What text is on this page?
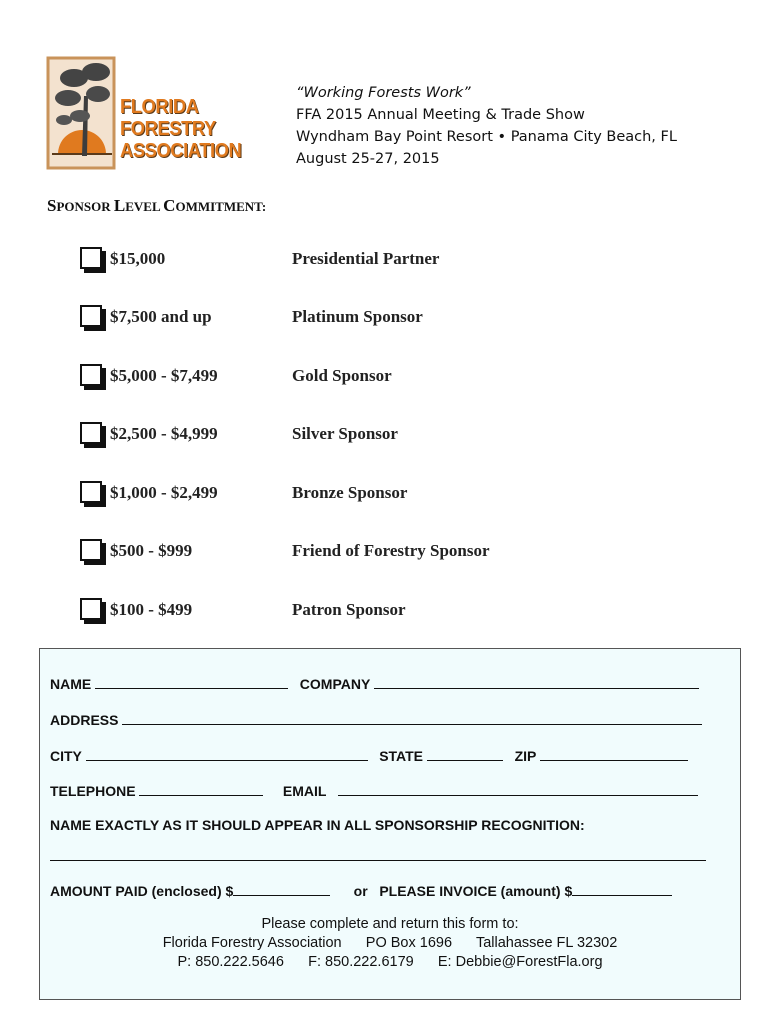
FLORIDA
FORESTRY
ASSOCIATION
“Working Forests Work”
FFA 2015 Annual Meeting & Trade Show
Wyndham Bay Point Resort • Panama City Beach, FL
August 25-27, 2015
SPONSOR LEVEL COMMITMENT:
$15,000	Presidential Partner
$7,500 and up	Platinum Sponsor
$5,000 - $7,499	Gold Sponsor
$2,500 - $4,999	Silver Sponsor
$1,000 - $2,499	Bronze Sponsor
$500 - $999	Friend of Forestry Sponsor
$100 - $499	Patron Sponsor
NAME	COMPANY
ADDRESS
CITY	STATE	ZIP
TELEPHONE	EMAIL
NAME EXACTLY AS IT SHOULD APPEAR IN ALL SPONSORSHIP RECOGNITION:
AMOUNT PAID (enclosed) $	or PLEASE INVOICE (amount) $
Please complete and return this form to:
Florida Forestry Association PO Box 1696 Tallahassee FL 32302
P: 850.222.5646 F: 850.222.6179 E: Debbie@ForestFla.org
